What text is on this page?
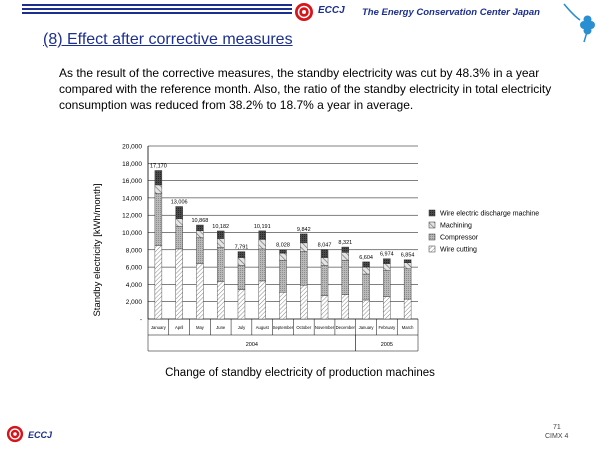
ECCJ The Energy Conservation Center Japan
(8) Effect after corrective measures
As the result of the corrective measures, the standby electricity was cut by 48.3% in a year compared with the reference month. Also, the ratio of the standby electricity in total electricity consumption was reduced from 38.2% to 18.7% a year in average.
Standby electricity [kWh/month]
-
2,000
4,000
6,000
8,000
10,000
12,000
14,000
16,000
18,000
20,000
17,170
13,006
10,868
10,182
7,791
10,191
8,028
9,842
8,047 8,321
6,604
6,974 6,854
January April	May	June	July	August September October November December January February March
2004	2005
Wire electric discharge machine
Machining
Compressor
Wire cutting
Change of standby electricity of production machines
ECCJ
71
CIMX 4
